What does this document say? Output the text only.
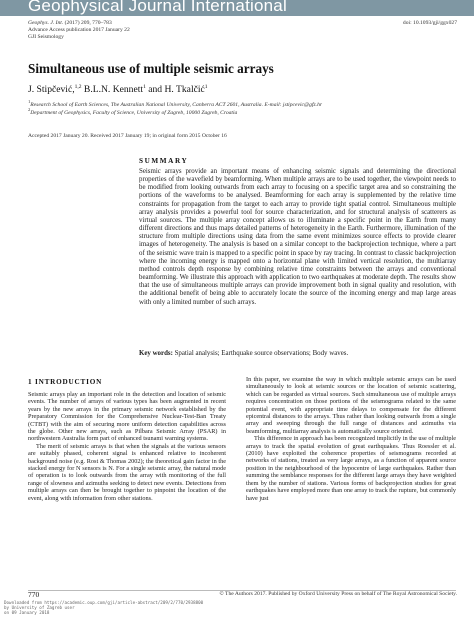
Geophysical Journal International
Geophys. J. Int. (2017) 209, 770–783
Advance Access publication 2017 January 22
GJI Seismology
doi: 10.1093/gji/ggx027
Simultaneous use of multiple seismic arrays
J. Stipčević,$^{1,2}$ B.L.N. Kennett$^1$ and H. Tkalčić$^1$
$^1$Research School of Earth Sciences, The Australian National University, Canberra ACT 2601, Australia. E-mail: jstipcevic@gfz.hr
$^2$Department of Geophysics, Faculty of Science, University of Zagreb, 10000 Zagreb, Croatia
Accepted 2017 January 20. Received 2017 January 19; in original form 2015 October 16
SUMMARY
Seismic arrays provide an important means of enhancing seismic signals and determining the directional properties of the wavefield by beamforming. When multiple arrays are to be used together, the viewpoint needs to be modified from looking outwards from each array to focusing on a specific target area and so constraining the portions of the waveforms to be analysed. Beamforming for each array is supplemented by the relative time constraints for propagation from the target to each array to provide tight spatial control. Simultaneous multiple array analysis provides a powerful tool for source characterization, and for structural analysis of scatterers as virtual sources. The multiple array concept allows us to illuminate a specific point in the Earth from many different directions and thus maps detailed patterns of heterogeneity in the Earth. Furthermore, illumination of the structure from multiple directions using data from the same event minimizes source effects to provide clearer images of heterogeneity. The analysis is based on a similar concept to the backprojection technique, where a part of the seismic wave train is mapped to a specific point in space by ray tracing. In contrast to classic backprojection where the incoming energy is mapped onto a horizontal plane with limited vertical resolution, the multiarray method controls depth response by combining relative time constraints between the arrays and conventional beamforming. We illustrate this approach with application to two earthquakes at moderate depth. The results show that the use of simultaneous multiple arrays can provide improvement both in signal quality and resolution, with the additional benefit of being able to accurately locate the source of the incoming energy and map large areas with only a limited number of such arrays.
Key words: Spatial analysis; Earthquake source observations; Body waves.
1 INTRODUCTION

Seismic arrays play an important role in the detection and location of seismic events. The number of arrays of various types has been augmented in recent years by the new arrays in the primary seismic network established by the Preparatory Commission for the Comprehensive Nuclear-Test-Ban Treaty (CTBT) with the aim of securing more uniform detection capabilities across the globe. Other new arrays, such as Pilbara Seismic Array (PSAR) in northwestern Australia form part of enhanced tsunami warning systems.

The merit of seismic arrays is that when the signals at the various sensors are suitably phased, coherent signal is enhanced relative to incoherent background noise (e.g. Rost & Thomas 2002); the theoretical gain factor in the stacked energy for N sensors is N. For a single seismic array, the natural mode of operation is to look outwards from the array with monitoring of the full range of slowness and azimuths seeking to detect new events. Detections from multiple arrays can then be brought together to pinpoint the location of the event, along with information from other stations.

In this paper, we examine the way in which multiple seismic arrays can be used simultaneously to look at seismic sources or the location of seismic scattering, which can be regarded as virtual sources. Such simultaneous use of multiple arrays requires concentration on those portions of the seismograms related to the same potential event, with appropriate time delays to compensate for the different epicentral distances to the arrays. Thus rather than looking outwards from a single array and sweeping through the full range of distances and azimuths via beamforming, multiarray analysis is automatically source oriented.

This difference in approach has been recognized implicitly in the use of multiple arrays to track the spatial evolution of great earthquakes. Thus Roessler et al. (2010) have exploited the coherence properties of seismograms recorded at networks of stations, treated as very large arrays, as a function of apparent source position in the neighbourhood of the hypocentre of large earthquakes. Rather than summing the semblance responses for the different large arrays they have weighted them by the number of stations. Various forms of backprojection studies for great earthquakes have employed more than one array to track the rupture, but commonly have just

770	© The Authors 2017. Published by Oxford University Press on behalf of The Royal Astronomical Society.
Downloaded from https://academic.oup.com/gji/article-abstract/209/2/770/2938800
by University of Zagreb user
on 09 January 2018
